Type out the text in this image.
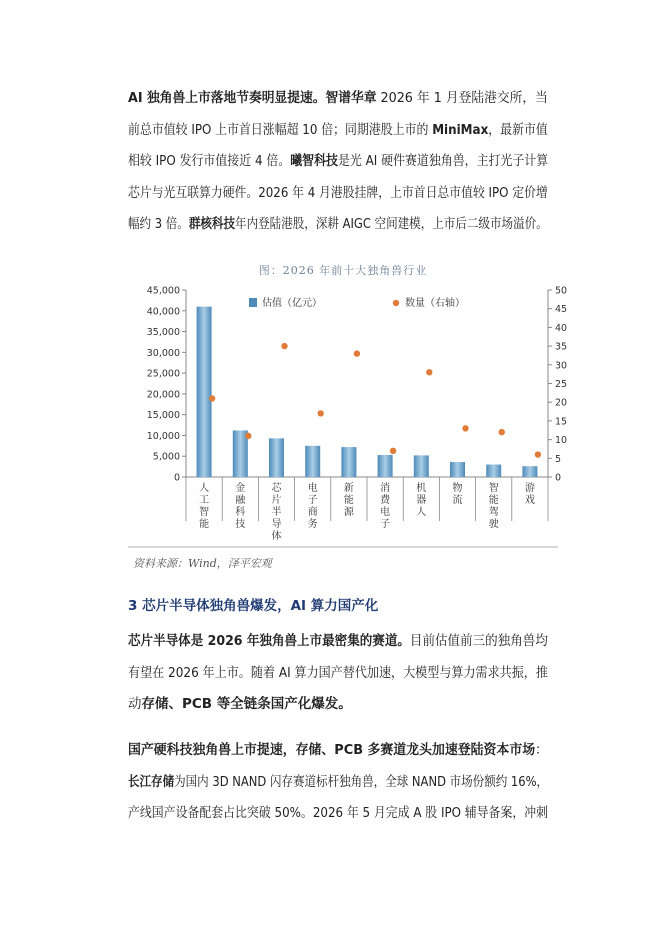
AI 独角兽上市落地节奏明显提速。智谱华章 2026 年 1 月登陆港交所，当

前总市值较 IPO 上市首日涨幅超 10 倍；同期港股上市的 MiniMax，最新市值

相较 IPO 发行市值接近 4 倍。曦智科技是光 AI 硬件赛道独角兽，主打光子计算

芯片与光互联算力硬件。2026 年 4 月港股挂牌，上市首日总市值较 IPO 定价增

幅约 3 倍。群核科技年内登陆港股，深耕 AIGC 空间建模，上市后二级市场溢价。

图：2026 年前十大独角兽行业
0
5,000
10,000
15,000
20,000
25,000
30,000
35,000
40,000
45,000
0
5
10
15
20
25
30
35
40
45
50
人
工
智
能
金
融
科
技
芯
片
半
导
体
电
子
商
务
新
能
源
消
费
电
子
机
器
人
物
流
智
能
驾
驶
游
戏
估值（亿元）	数量（右轴）
资料来源：Wind，泽平宏观
3 芯片半导体独角兽爆发，AI 算力国产化

芯片半导体是 2026 年独角兽上市最密集的赛道。目前估值前三的独角兽均

有望在 2026 年上市。随着 AI 算力国产替代加速，大模型与算力需求共振，推

动存储、PCB 等全链条国产化爆发。

国产硬科技独角兽上市提速，存储、PCB 多赛道龙头加速登陆资本市场：

长江存储为国内 3D NAND 闪存赛道标杆独角兽，全球 NAND 市场份额约 16%，

产线国产设备配套占比突破 50%。2026 年 5 月完成 A 股 IPO 辅导备案，冲刺
